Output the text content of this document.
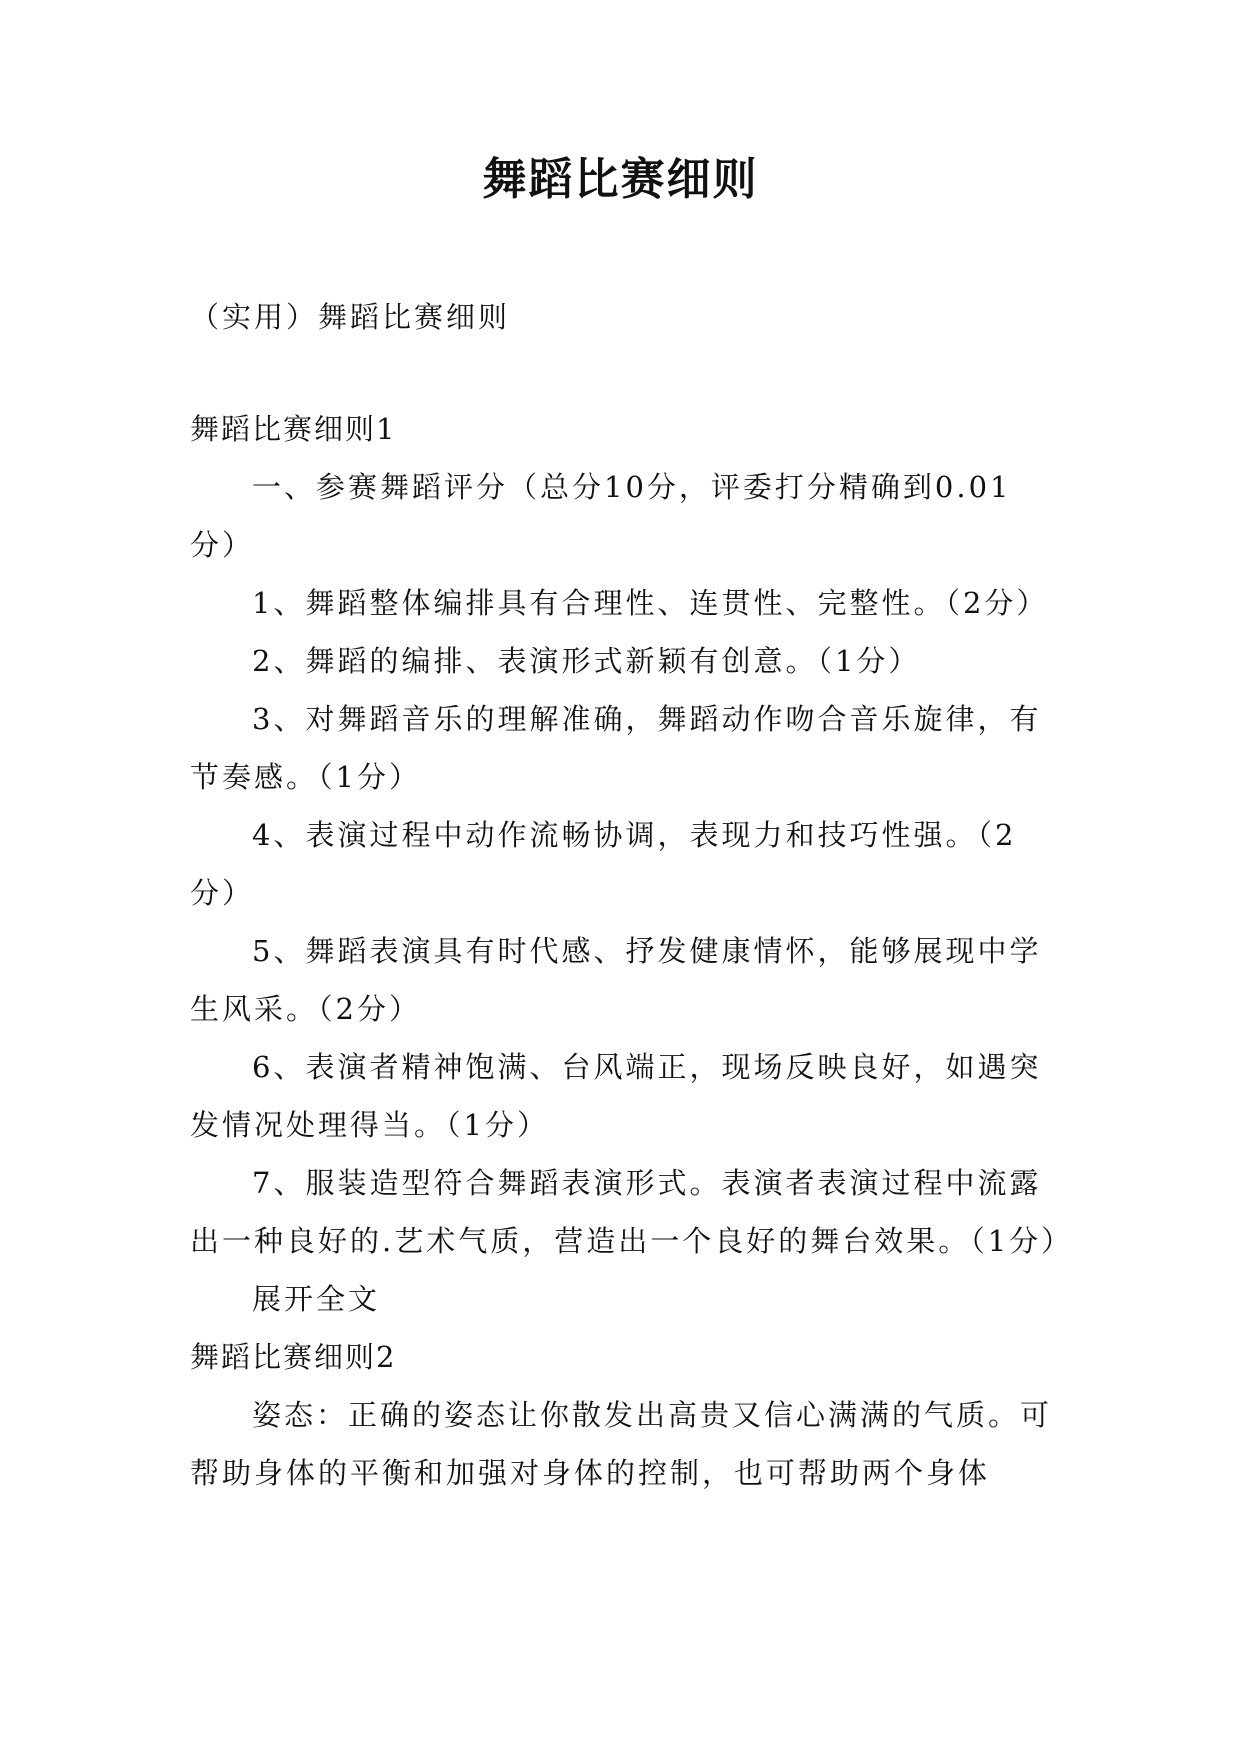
舞蹈比赛细则

（实用）舞蹈比赛细则

舞蹈比赛细则1

一、参赛舞蹈评分（总分10分，评委打分精确到0.01分）

1、舞蹈整体编排具有合理性、连贯性、完整性。（2分）

2、舞蹈的编排、表演形式新颖有创意。（1分）

3、对舞蹈音乐的理解准确，舞蹈动作吻合音乐旋律，有节奏感。（1分）

4、表演过程中动作流畅协调，表现力和技巧性强。（2分）

5、舞蹈表演具有时代感、抒发健康情怀，能够展现中学生风采。（2分）

6、表演者精神饱满、台风端正，现场反映良好，如遇突发情况处理得当。（1分）

7、服装造型符合舞蹈表演形式。表演者表演过程中流露出一种良好的.艺术气质，营造出一个良好的舞台效果。（1分）

展开全文

舞蹈比赛细则2

姿态：正确的姿态让你散发出高贵又信心满满的气质。可帮助身体的平衡和加强对身体的控制，也可帮助两个身体
